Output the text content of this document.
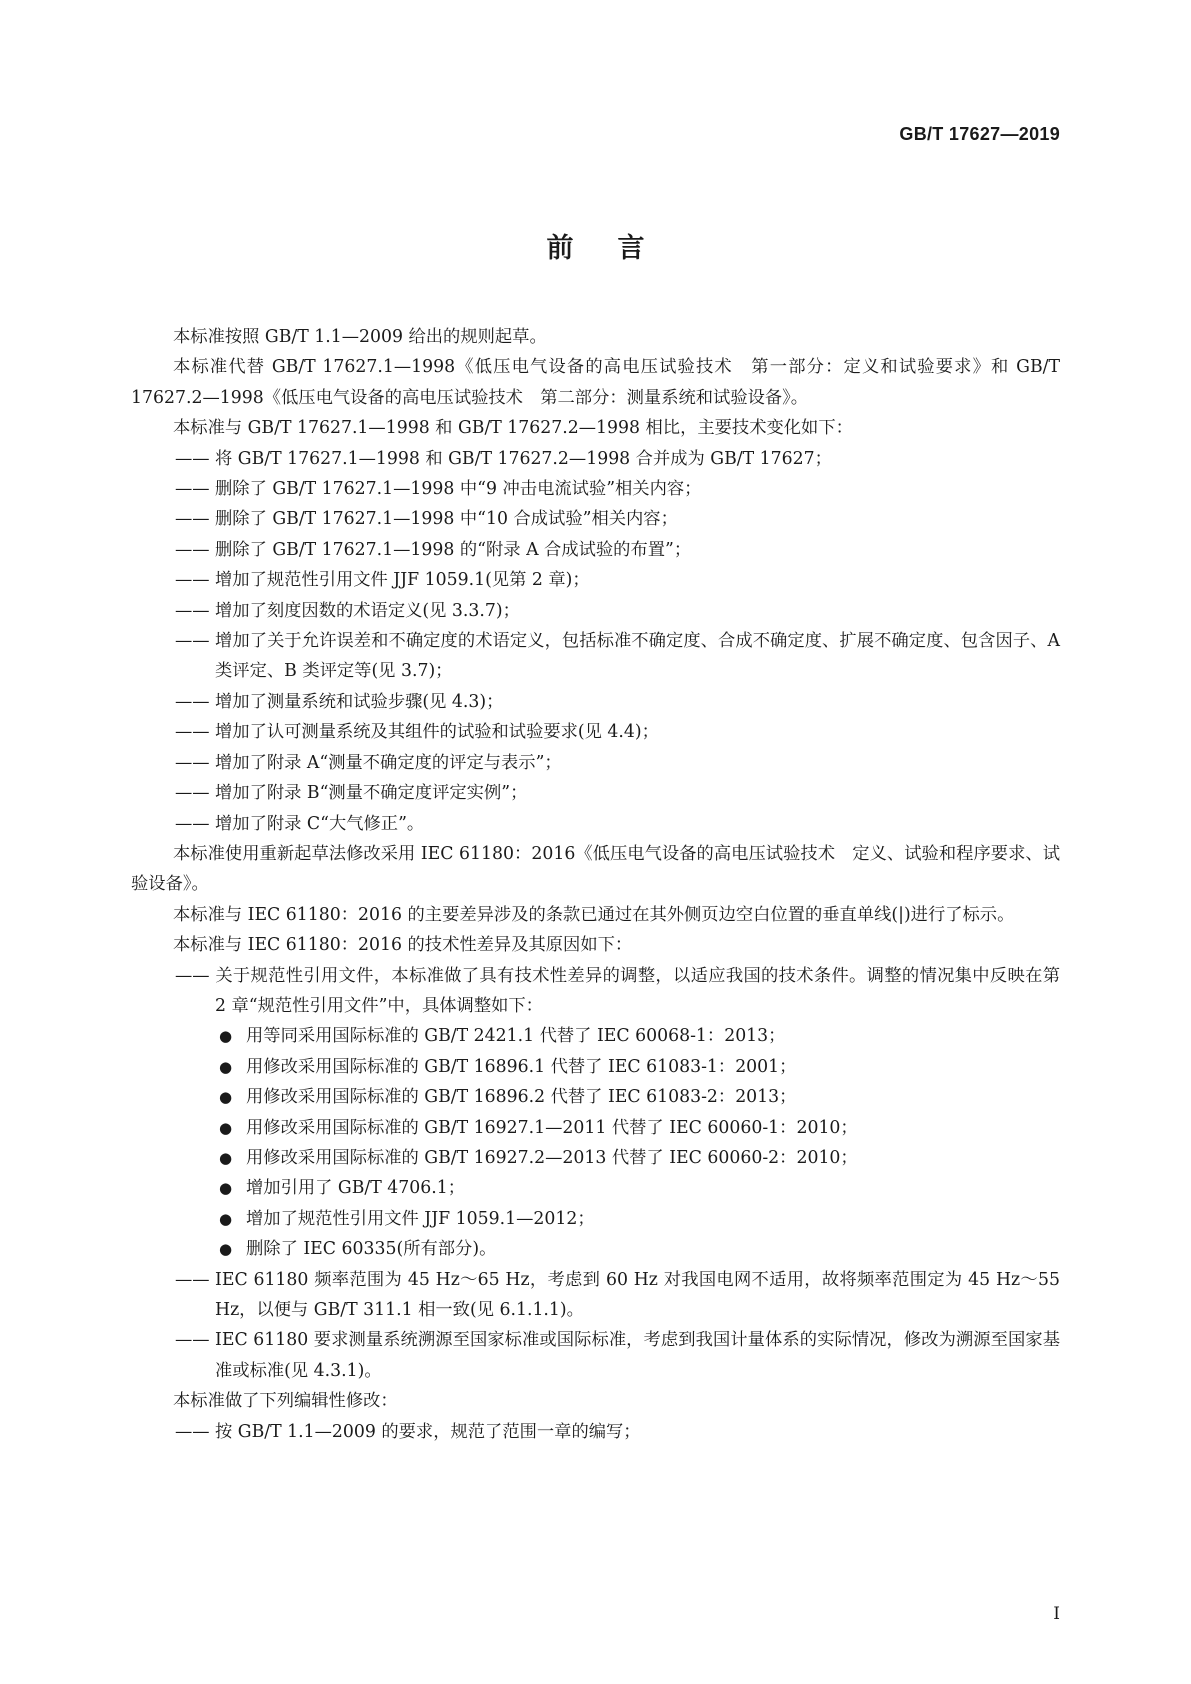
GB/T 17627—2019
前言

本标准按照 GB/T 1.1—2009 给出的规则起草。

本标准代替 GB/T 17627.1—1998《低压电气设备的高电压试验技术　第一部分：定义和试验要求》和 GB/T 17627.2—1998《低压电气设备的高电压试验技术　第二部分：测量系统和试验设备》。

本标准与 GB/T 17627.1—1998 和 GB/T 17627.2—1998 相比，主要技术变化如下：

—— 将 GB/T 17627.1—1998 和 GB/T 17627.2—1998 合并成为 GB/T 17627；

—— 删除了 GB/T 17627.1—1998 中“9 冲击电流试验”相关内容；

—— 删除了 GB/T 17627.1—1998 中“10 合成试验”相关内容；

—— 删除了 GB/T 17627.1—1998 的“附录 A 合成试验的布置”；

—— 增加了规范性引用文件 JJF 1059.1(见第 2 章)；

—— 增加了刻度因数的术语定义(见 3.3.7)；

—— 增加了关于允许误差和不确定度的术语定义，包括标准不确定度、合成不确定度、扩展不确定度、包含因子、A 类评定、B 类评定等(见 3.7)；

—— 增加了测量系统和试验步骤(见 4.3)；

—— 增加了认可测量系统及其组件的试验和试验要求(见 4.4)；

—— 增加了附录 A“测量不确定度的评定与表示”；

—— 增加了附录 B“测量不确定度评定实例”；

—— 增加了附录 C“大气修正”。

本标准使用重新起草法修改采用 IEC 61180：2016《低压电气设备的高电压试验技术　定义、试验和程序要求、试验设备》。

本标准与 IEC 61180：2016 的主要差异涉及的条款已通过在其外侧页边空白位置的垂直单线(|)进行了标示。

本标准与 IEC 61180：2016 的技术性差异及其原因如下：

—— 关于规范性引用文件，本标准做了具有技术性差异的调整，以适应我国的技术条件。调整的情况集中反映在第 2 章“规范性引用文件”中，具体调整如下：

● 用等同采用国际标准的 GB/T 2421.1 代替了 IEC 60068-1：2013；

● 用修改采用国际标准的 GB/T 16896.1 代替了 IEC 61083-1：2001；

● 用修改采用国际标准的 GB/T 16896.2 代替了 IEC 61083-2：2013；

● 用修改采用国际标准的 GB/T 16927.1—2011 代替了 IEC 60060-1：2010；

● 用修改采用国际标准的 GB/T 16927.2—2013 代替了 IEC 60060-2：2010；

● 增加引用了 GB/T 4706.1；

● 增加了规范性引用文件 JJF 1059.1—2012；

● 删除了 IEC 60335(所有部分)。

—— IEC 61180 频率范围为 45 Hz～65 Hz，考虑到 60 Hz 对我国电网不适用，故将频率范围定为 45 Hz～55 Hz，以便与 GB/T 311.1 相一致(见 6.1.1.1)。

—— IEC 61180 要求测量系统溯源至国家标准或国际标准，考虑到我国计量体系的实际情况，修改为溯源至国家基准或标准(见 4.3.1)。

本标准做了下列编辑性修改：

—— 按 GB/T 1.1—2009 的要求，规范了范围一章的编写；

I
